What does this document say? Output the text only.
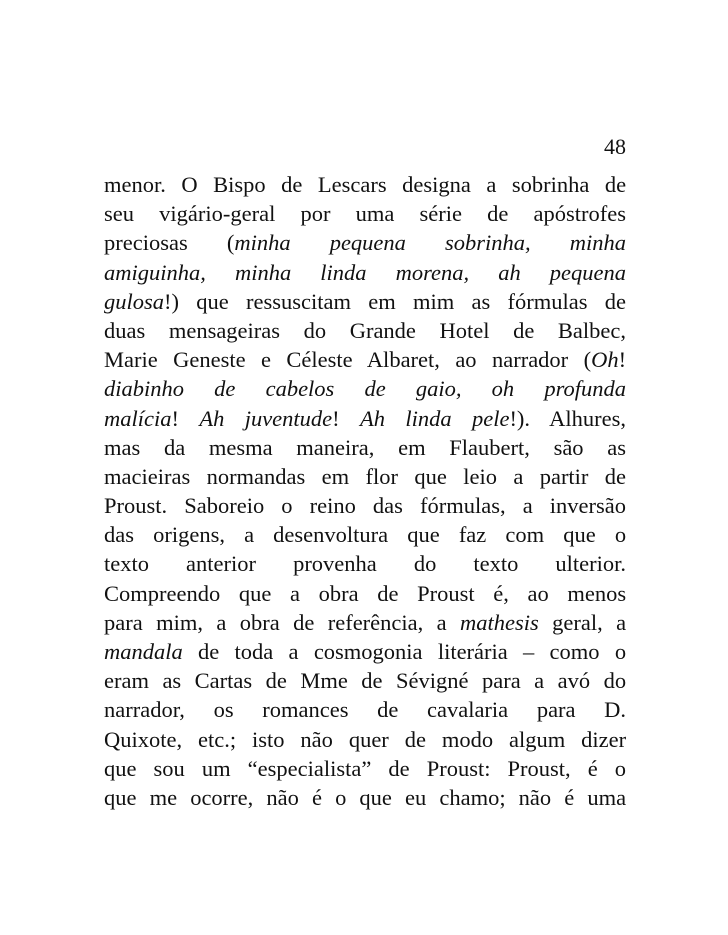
48
menor. O Bispo de Lescars designa a sobrinha de
seu vigário-geral por uma série de apóstrofes
preciosas (minha pequena sobrinha, minha
amiguinha, minha linda morena, ah pequena
gulosa!) que ressuscitam em mim as fórmulas de
duas mensageiras do Grande Hotel de Balbec,
Marie Geneste e Céleste Albaret, ao narrador (Oh!
diabinho de cabelos de gaio, oh profunda
malícia! Ah juventude! Ah linda pele!). Alhures,
mas da mesma maneira, em Flaubert, são as
macieiras normandas em flor que leio a partir de
Proust. Saboreio o reino das fórmulas, a inversão
das origens, a desenvoltura que faz com que o
texto anterior provenha do texto ulterior.
Compreendo que a obra de Proust é, ao menos
para mim, a obra de referência, a mathesis geral, a
mandala de toda a cosmogonia literária – como o
eram as Cartas de Mme de Sévigné para a avó do
narrador, os romances de cavalaria para D.
Quixote, etc.; isto não quer de modo algum dizer
que sou um “especialista” de Proust: Proust, é o
que me ocorre, não é o que eu chamo; não é uma
